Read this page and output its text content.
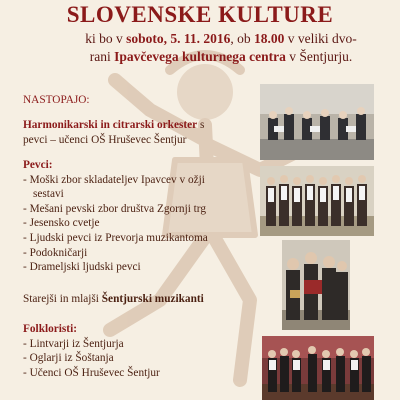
SLOVENSKE KULTURE
ki bo v soboto, 5. 11. 2016, ob 18.00 v veliki dvo-
rani Ipavčevega kulturnega centra v Šentjurju.
NASTOPAJO:
Harmonikarski in citrarski orkester s
pevci – učenci OŠ Hruševec Šentjur
Pevci:
- Moški zbor skladateljev Ipavcev v ožji
sestavi
- Mešani pevski zbor društva Zgornji trg
- Jesensko cvetje
- Ljudski pevci iz Prevorja muzikantoma
- Podokničarji
- Drameljski ljudski pevci
Starejši in mlajši Šentjurski muzikanti
Folkloristi:
- Lintvarji iz Šentjurja
- Oglarji iz Šoštanja
- Učenci OŠ Hruševec Šentjur
